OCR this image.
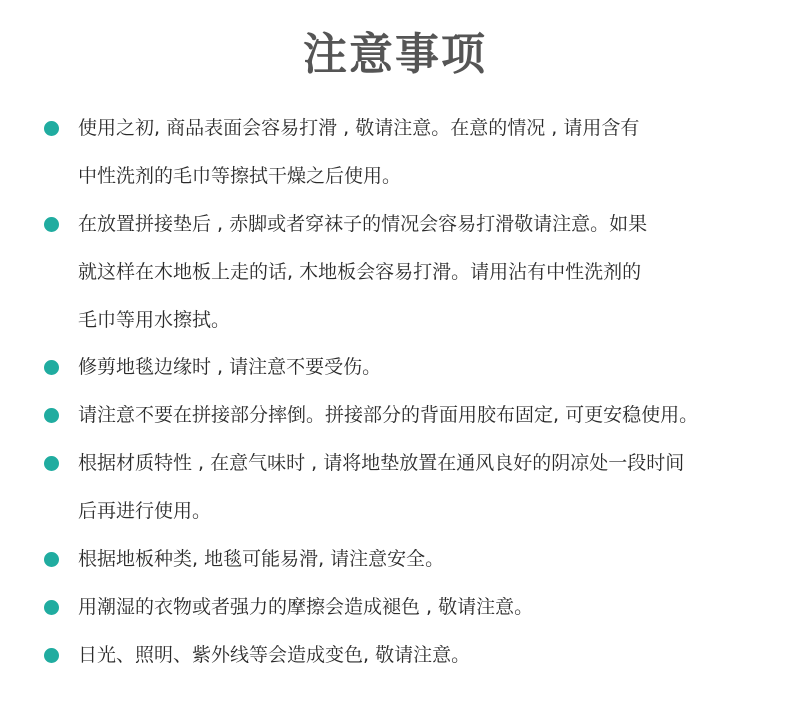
注意事项
使用之初, 商品表面会容易打滑 , 敬请注意。在意的情况 , 请用含有
中性洗剂的毛巾等擦拭干燥之后使用。
在放置拼接垫后 , 赤脚或者穿袜子的情况会容易打滑敬请注意。如果
就这样在木地板上走的话, 木地板会容易打滑。请用沾有中性洗剂的
毛巾等用水擦拭。
修剪地毯边缘时 , 请注意不要受伤。
请注意不要在拼接部分摔倒。拼接部分的背面用胶布固定, 可更安稳使用。
根据材质特性 , 在意气味时 , 请将地垫放置在通风良好的阴凉处一段时间
后再进行使用。
根据地板种类, 地毯可能易滑, 请注意安全。
用潮湿的衣物或者强力的摩擦会造成褪色 , 敬请注意。
日光、照明、紫外线等会造成变色, 敬请注意。
